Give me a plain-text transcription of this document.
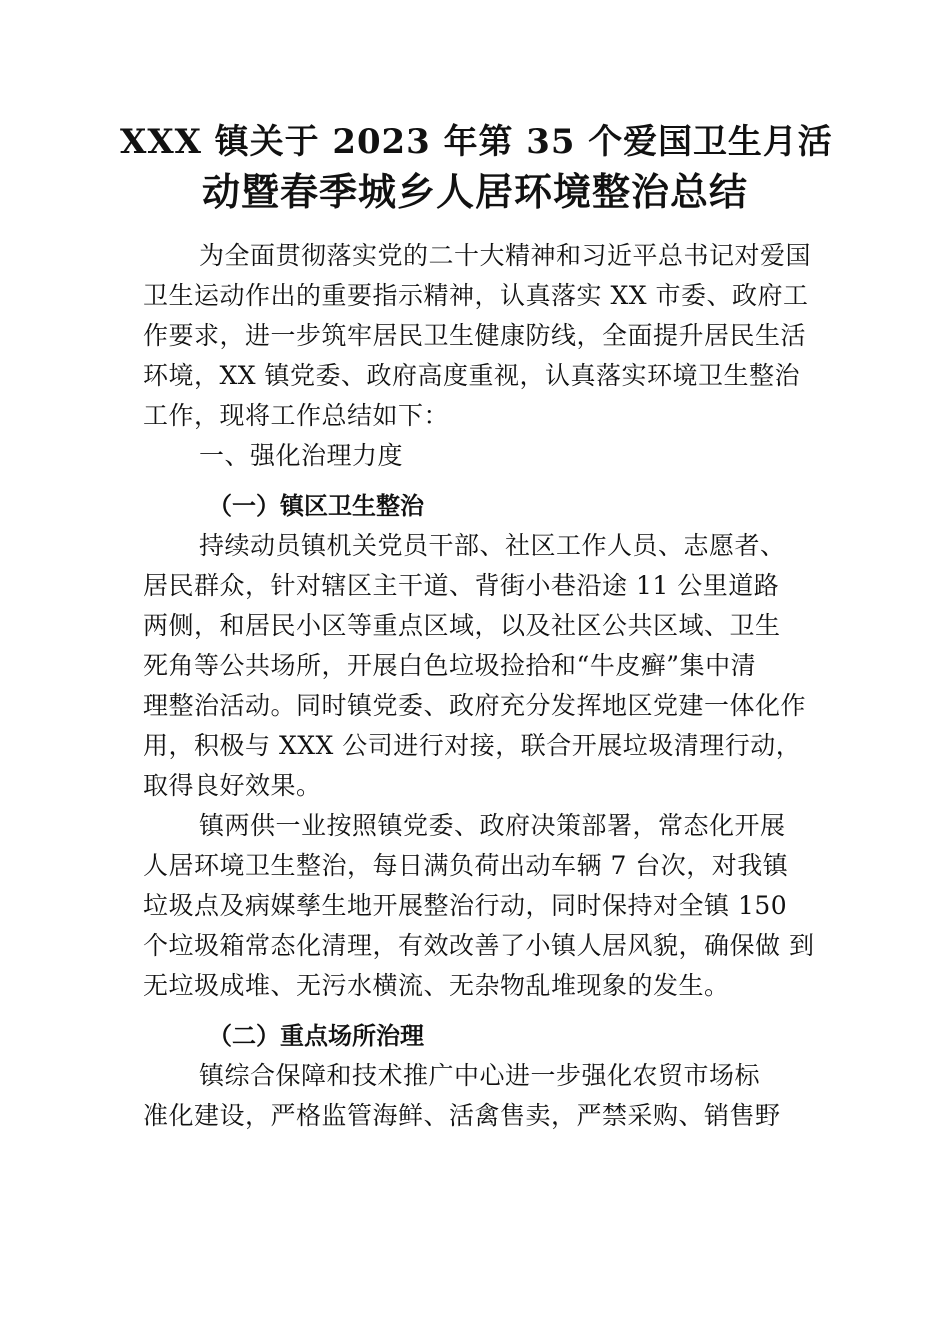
XXX 镇关于 2023 年第 35 个爱国卫生月活
动暨春季城乡人居环境整治总结
为全面贯彻落实党的二十大精神和习近平总书记对爱国
卫生运动作出的重要指示精神，认真落实 XX 市委、政府工
作要求，进一步筑牢居民卫生健康防线，全面提升居民生活
环境，XX 镇党委、政府高度重视，认真落实环境卫生整治
工作，现将工作总结如下：
一、强化治理力度
（一）镇区卫生整治
持续动员镇机关党员干部、社区工作人员、志愿者、
居民群众，针对辖区主干道、背街小巷沿途 11 公里道路
两侧，和居民小区等重点区域，以及社区公共区域、卫生
死角等公共场所，开展白色垃圾捡拾和“牛皮癣”集中清
理整治活动。同时镇党委、政府充分发挥地区党建一体化作
用，积极与 XXX 公司进行对接，联合开展垃圾清理行动，
取得良好效果。
镇两供一业按照镇党委、政府决策部署，常态化开展
人居环境卫生整治，每日满负荷出动车辆 7 台次，对我镇
垃圾点及病媒孳生地开展整治行动，同时保持对全镇 150
个垃圾箱常态化清理，有效改善了小镇人居风貌，确保做 到
无垃圾成堆、无污水横流、无杂物乱堆现象的发生。
（二）重点场所治理
镇综合保障和技术推广中心进一步强化农贸市场标
准化建设，严格监管海鲜、活禽售卖，严禁采购、销售野
